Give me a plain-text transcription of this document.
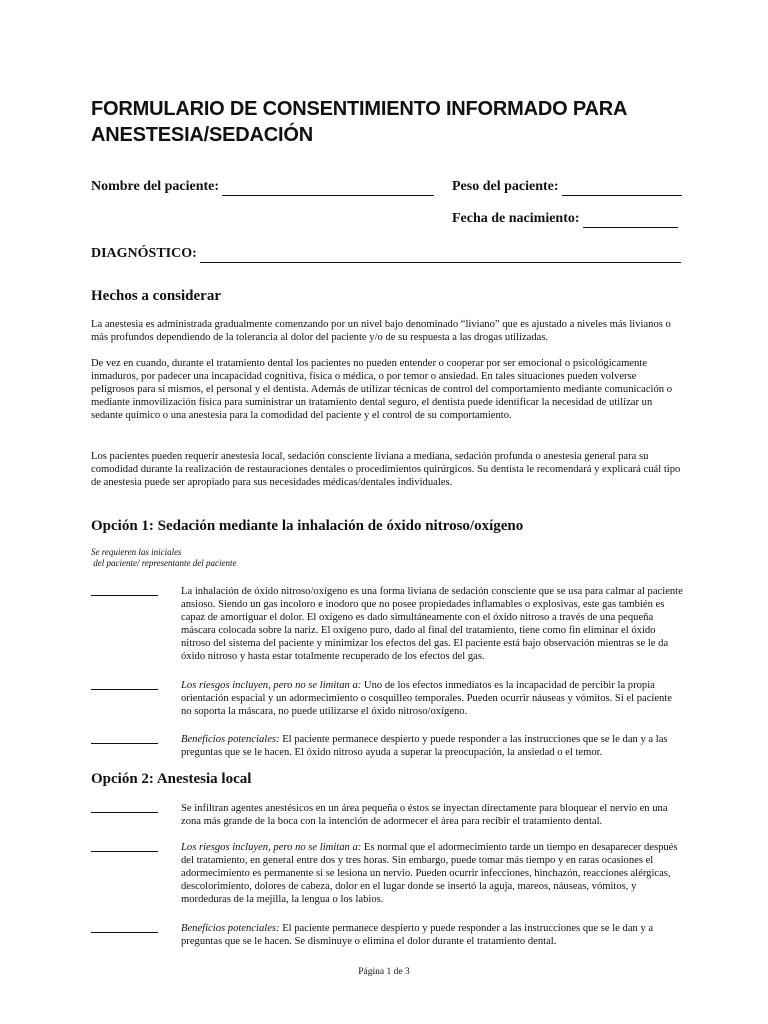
FORMULARIO DE CONSENTIMIENTO INFORMADO PARA ANESTESIA/SEDACIÓN
Nombre del paciente:	Peso del paciente:
Fecha de nacimiento:
DIAGNÓSTICO:
Hechos a considerar
La anestesia es administrada gradualmente comenzando por un nivel bajo denominado “liviano” que es ajustado a niveles más livianos o más profundos dependiendo de la tolerancia al dolor del paciente y/o de su respuesta a las drogas utilizadas.
De vez en cuando, durante el tratamiento dental los pacientes no pueden entender o cooperar por ser emocional o psicológicamente inmaduros, por padecer una incapacidad cognitiva, física o médica, o por temor o ansiedad. En tales situaciones pueden volverse peligrosos para sí mismos, el personal y el dentista. Además de utilizar técnicas de control del comportamiento mediante comunicación o mediante inmovilización física para suministrar un tratamiento dental seguro, el dentista puede identificar la necesidad de utilizar un sedante químico o una anestesia para la comodidad del paciente y el control de su comportamiento.
Los pacientes pueden requerir anestesia local, sedación consciente liviana a mediana, sedación profunda o anestesia general para su comodidad durante la realización de restauraciones dentales o procedimientos quirúrgicos. Su dentista le recomendará y explicará cuál tipo de anestesia puede ser apropiado para sus necesidades médicas/dentales individuales.
Opción 1: Sedación mediante la inhalación de óxido nitroso/oxígeno
Se requieren las iniciales
del paciente/ representante del paciente
La inhalación de óxido nitroso/oxígeno es una forma liviana de sedación consciente que se usa para calmar al paciente ansioso. Siendo un gas incoloro e inodoro que no posee propiedades inflamables o explosivas, este gas también es capaz de amortiguar el dolor. El oxígeno es dado simultáneamente con el óxido nitroso a través de una pequeña máscara colocada sobre la nariz. El oxígeno puro, dado al final del tratamiento, tiene como fin eliminar el óxido nitroso del sistema del paciente y minimizar los efectos del gas. El paciente está bajo observación mientras se le da óxido nitroso y hasta estar totalmente recuperado de los efectos del gas.
Los riesgos incluyen, pero no se limitan a: Uno de los efectos inmediatos es la incapacidad de percibir la propia orientación espacial y un adormecimiento o cosquilleo temporales. Pueden ocurrir náuseas y vómitos. Si el paciente no soporta la máscara, no puede utilizarse el óxido nitroso/oxígeno.
Beneficios potenciales: El paciente permanece despierto y puede responder a las instrucciones que se le dan y a las preguntas que se le hacen. El óxido nitroso ayuda a superar la preocupación, la ansiedad o el temor.
Opción 2: Anestesia local
Se infiltran agentes anestésicos en un área pequeña o éstos se inyectan directamente para bloquear el nervio en una zona más grande de la boca con la intención de adormecer el área para recibir el tratamiento dental.
Los riesgos incluyen, pero no se limitan a: Es normal que el adormecimiento tarde un tiempo en desaparecer después del tratamiento, en general entre dos y tres horas. Sin embargo, puede tomar más tiempo y en raras ocasiones el adormecimiento es permanente si se lesiona un nervio. Pueden ocurrir infecciones, hinchazón, reacciones alérgicas, descolorimiento, dolores de cabeza, dolor en el lugar donde se insertó la aguja, mareos, náuseas, vómitos, y mordeduras de la mejilla, la lengua o los labios.
Beneficios potenciales: El paciente permanece despierto y puede responder a las instrucciones que se le dan y a preguntas que se le hacen. Se disminuye o elimina el dolor durante el tratamiento dental.
Página 1 de 3
